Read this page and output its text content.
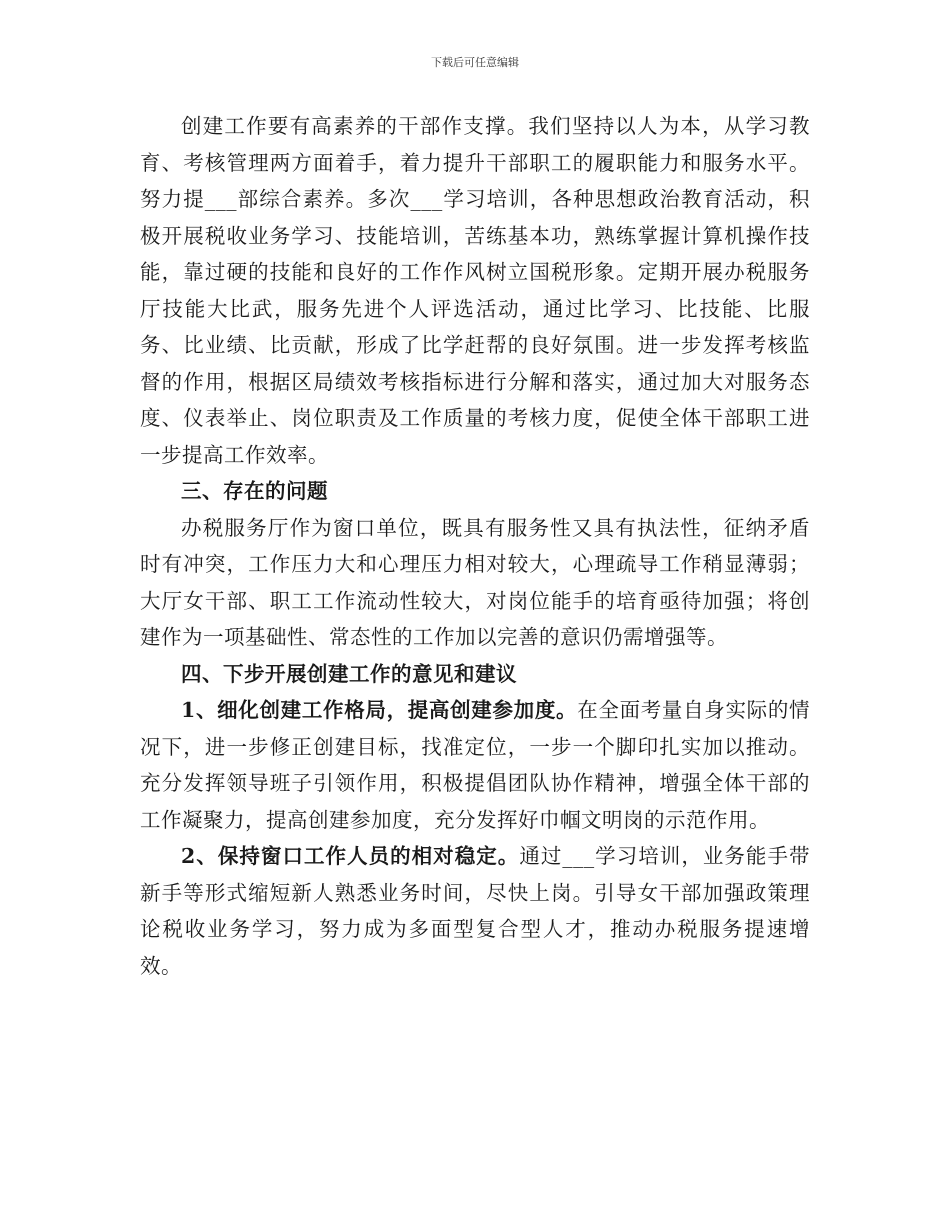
下载后可任意编辑

创建工作要有高素养的干部作支撑。我们坚持以人为本，从学习教育、考核管理两方面着手，着力提升干部职工的履职能力和服务水平。努力提___部综合素养。多次___学习培训，各种思想政治教育活动，积极开展税收业务学习、技能培训，苦练基本功，熟练掌握计算机操作技能，靠过硬的技能和良好的工作作风树立国税形象。定期开展办税服务厅技能大比武，服务先进个人评选活动，通过比学习、比技能、比服务、比业绩、比贡献，形成了比学赶帮的良好氛围。进一步发挥考核监督的作用，根据区局绩效考核指标进行分解和落实，通过加大对服务态度、仪表举止、岗位职责及工作质量的考核力度，促使全体干部职工进一步提高工作效率。

三、存在的问题

办税服务厅作为窗口单位，既具有服务性又具有执法性，征纳矛盾时有冲突，工作压力大和心理压力相对较大，心理疏导工作稍显薄弱；大厅女干部、职工工作流动性较大，对岗位能手的培育亟待加强；将创建作为一项基础性、常态性的工作加以完善的意识仍需增强等。

四、下步开展创建工作的意见和建议

1、细化创建工作格局，提高创建参加度。在全面考量自身实际的情况下，进一步修正创建目标，找准定位，一步一个脚印扎实加以推动。充分发挥领导班子引领作用，积极提倡团队协作精神，增强全体干部的工作凝聚力，提高创建参加度，充分发挥好巾帼文明岗的示范作用。

2、保持窗口工作人员的相对稳定。通过___学习培训，业务能手带新手等形式缩短新人熟悉业务时间，尽快上岗。引导女干部加强政策理论税收业务学习，努力成为多面型复合型人才，推动办税服务提速增效。
